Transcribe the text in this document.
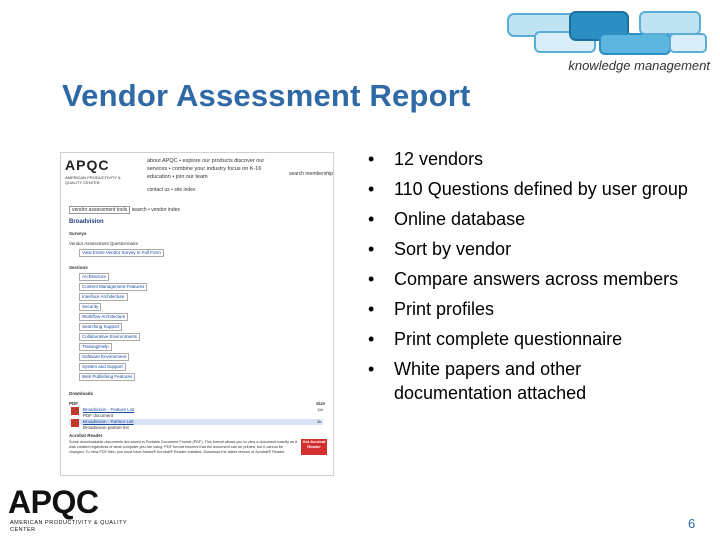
knowledge management
Vendor Assessment Report
APQC
AMERICAN PRODUCTIVITY & QUALITY CENTER
about APQC • explore our products discover our services • combine your industry focus on K-16 education • join our team	search membership
contact us • site index
vendor assessment tools search • vendor index
Broadvision
Surveys
Vendor Assessment Questionnaire
View Entire Vendor Survey In Full Form
Sections
Architecture
Content Management Features
Interface Architecture
Security
Workflow Architecture
Searching Support
Collaborative Environments
Training/Help
Software Environment
System and Support
Web Publishing Features
Downloads
PDF	Size
Broadvision - Feature List	11k
PDF document
Broadvision - Partner List	4k
Broadvision partner list
Acrobat Reader
Some downloadable documents are saved in Portable Document Format (PDF). This format allows you to view a document exactly as it was created regardless of what computer you are using. PDF format ensures that the document can be printed, but it cannot be changed. To view PDF files, you must have Adobe® Acrobat® Reader installed. Download the latest version of Acrobat® Reader.
Get Acrobat Reader
• 12 vendors
• 110 Questions defined by user group
• Online database
• Sort by vendor
• Compare answers across members
• Print profiles
• Print complete questionnaire
• White papers and other documentation attached
APQC
AMERICAN PRODUCTIVITY & QUALITY CENTER	6
